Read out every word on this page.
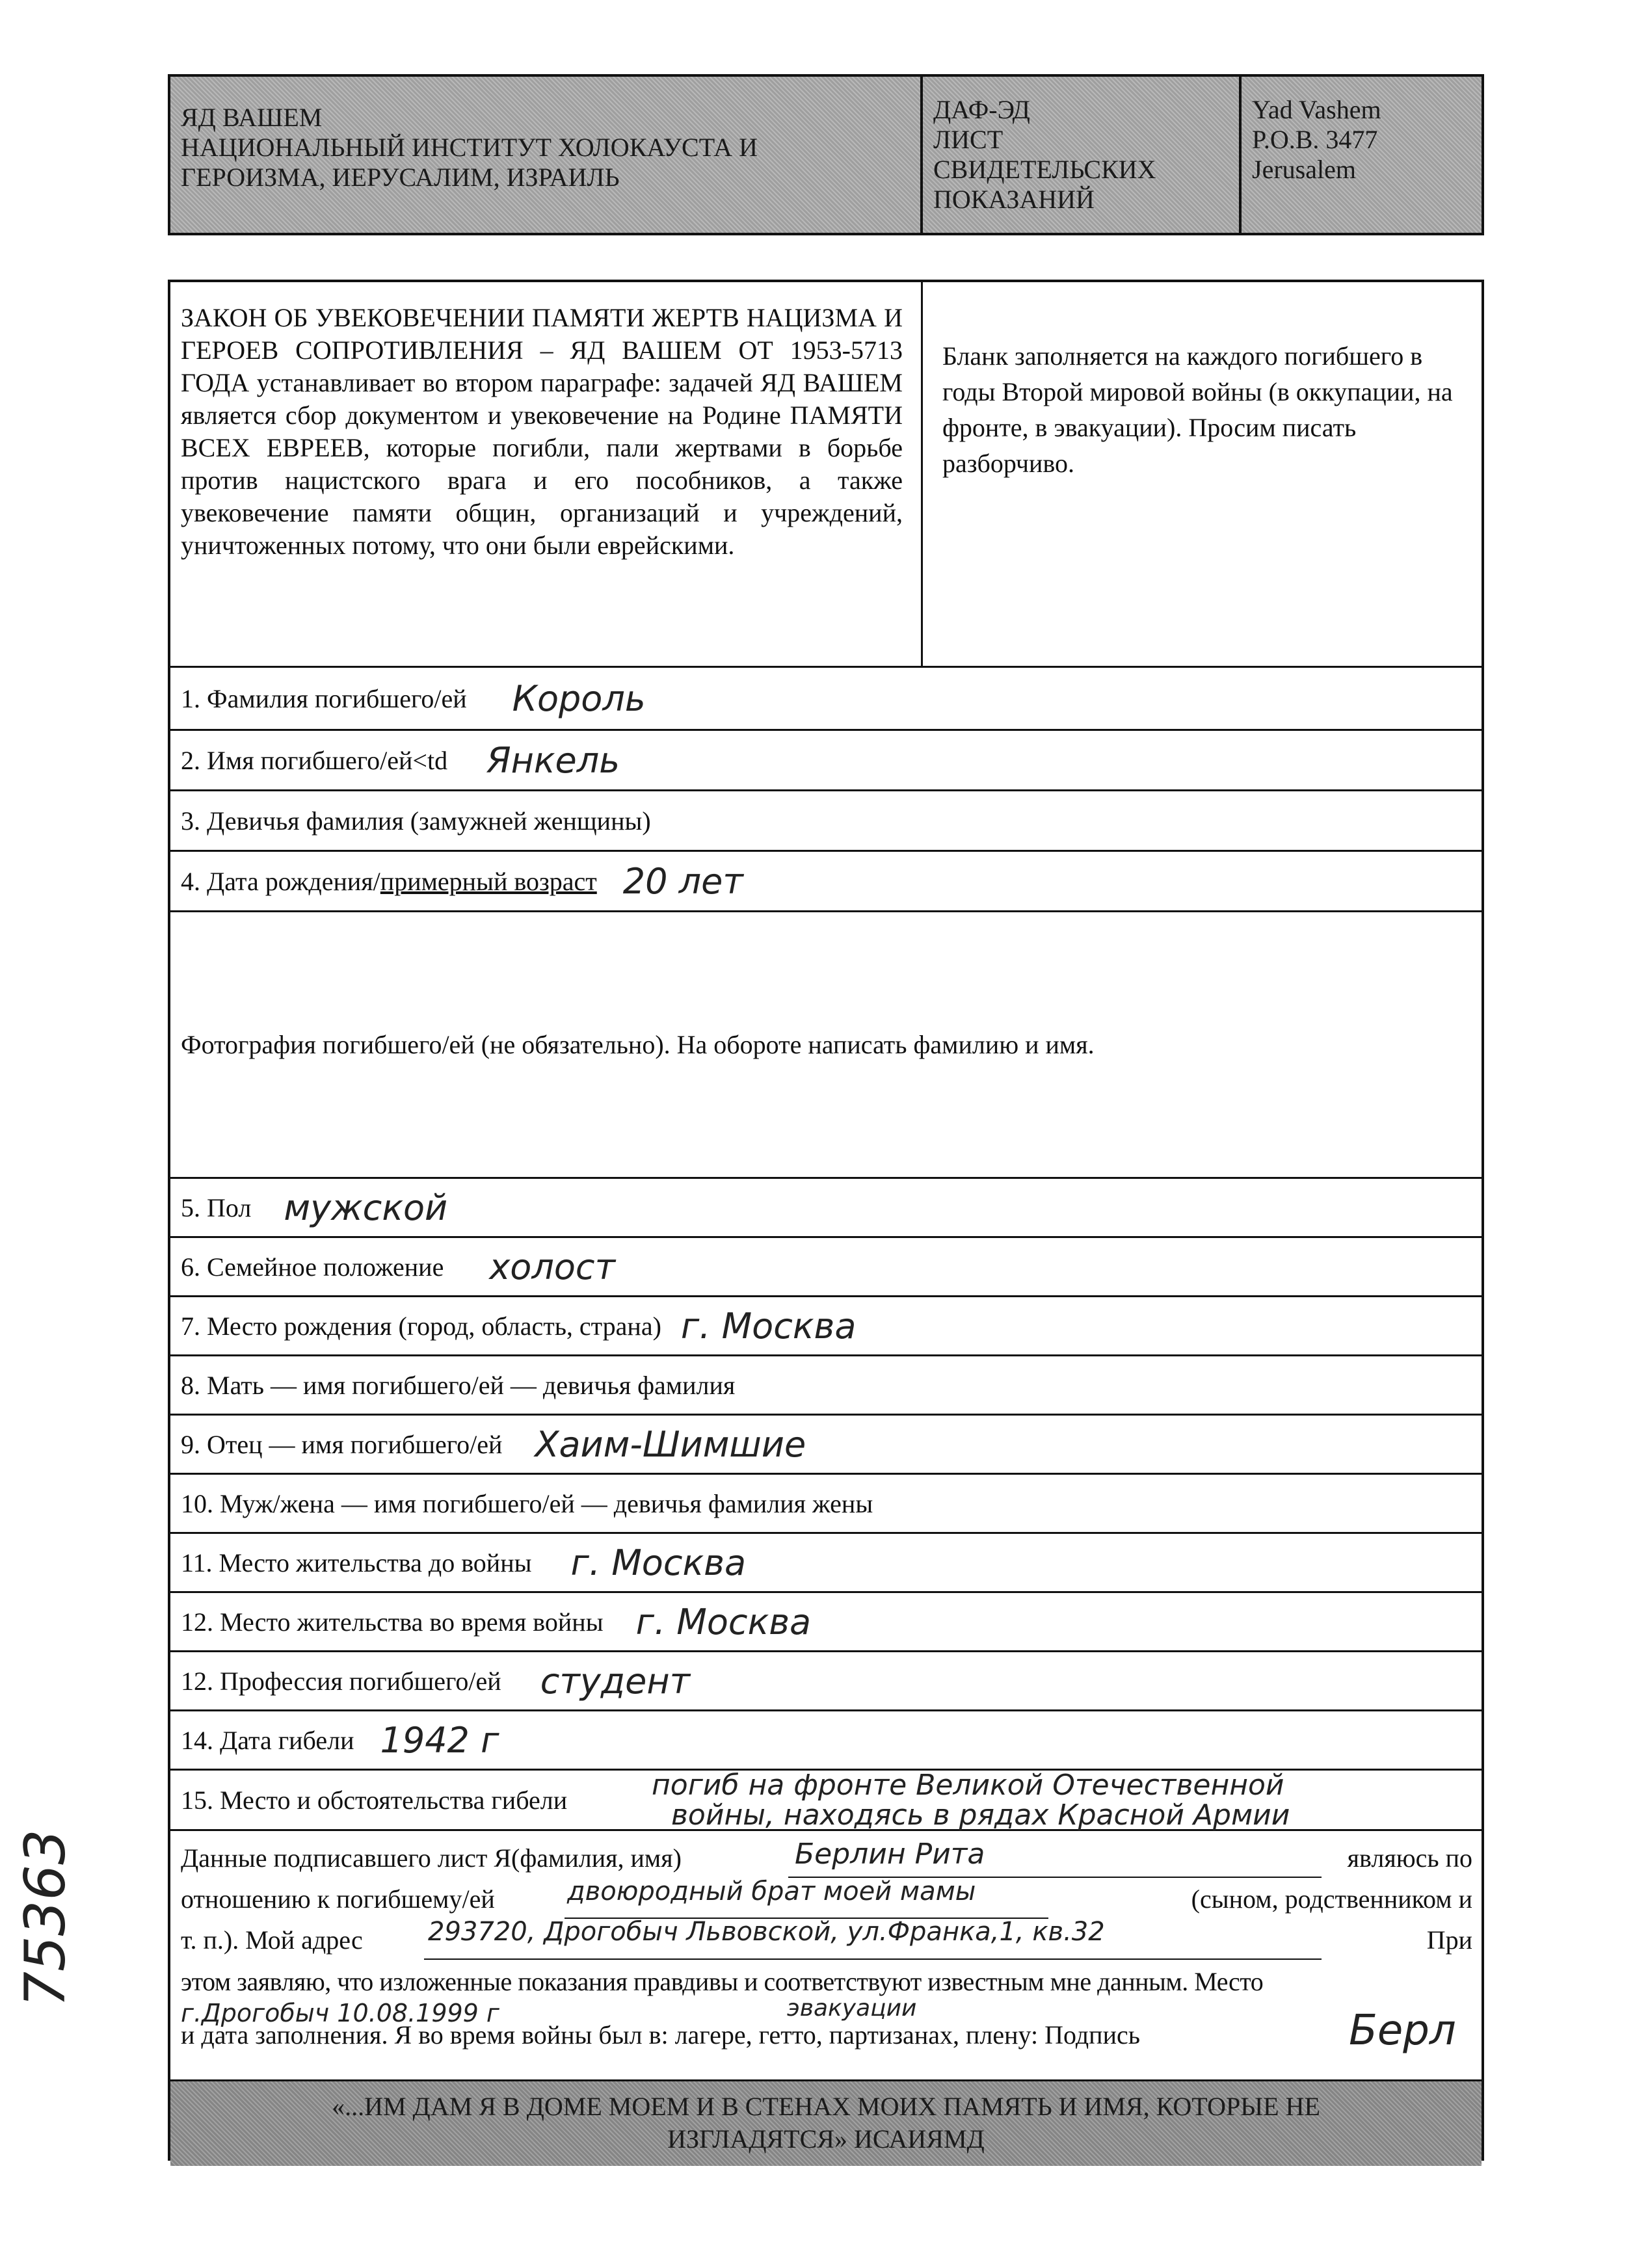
ЯД ВАШЕМ
НАЦИОНАЛЬНЫЙ ИНСТИТУТ ХОЛОКАУСТА И
ГЕРОИЗМА, ИЕРУСАЛИМ, ИЗРАИЛЬ
ДАФ-ЭД
ЛИСТ
СВИДЕТЕЛЬСКИХ
ПОКАЗАНИЙ
Yad Vashem
P.O.B. 3477
Jerusalem
ЗАКОН ОБ УВЕКОВЕЧЕНИИ ПАМЯТИ ЖЕРТВ НАЦИЗМА И ГЕРОЕВ СОПРОТИВЛЕНИЯ – ЯД ВАШЕМ ОТ 1953-5713 ГОДА устанавливает во втором параграфе: задачей ЯД ВАШЕМ является сбор документом и увековечение на Родине ПАМЯТИ ВСЕХ ЕВРЕЕВ, которые погибли, пали жертвами в борьбе против нацистского врага и его пособников, а также увековечение памяти общин, организаций и учреждений, уничтоженных потому, что они были еврейскими.
Бланк заполняется на каждого погибшего в годы Второй мировой войны (в оккупации, на фронте, в эвакуации). Просим писать разборчиво.
1. Фамилия погибшего/ей Король
2. Имя погибшего/ей<td Янкель
3. Девичья фамилия (замужней женщины)
4. Дата рождения/примерный возраст 20 лет
Фотография погибшего/ей (не обязательно). На обороте написать фамилию и имя.
5. Пол мужской
6. Семейное положение холост
7. Место рождения (город, область, страна) г. Москва
8. Мать — имя погибшего/ей — девичья фамилия
9. Отец — имя погибшего/ей Хаим-Шимшие
10. Муж/жена — имя погибшего/ей — девичья фамилия жены
11. Место жительства до войны г. Москва
12. Место жительства во время войны г. Москва
12. Профессия погибшего/ей студент
14. Дата гибели 1942 г
15. Место и обстоятельства гибели	погиб на фронте Великой Отечественной
войны, находясь в рядах Красной Армии
Данные подписавшего лист Я(фамилия, имя)	являюсь по
Берлин Рита
отношению к погибшему/ей	(сыном, родственником и
двоюродный брат моей мамы
т. п.). Мой адрес	При
293720, Дрогобыч Львовской, ул.Франка,1, кв.32
этом заявляю, что изложенные показания правдивы и соответствуют известным мне данным. Место
г.Дрогобыч 10.08.1999 г	эвакуации
и дата заполнения. Я во время войны был в: лагере, гетто, партизанах, плену: Подпись	Берл
«...ИМ ДАМ Я В ДОМЕ МОЕМ И В СТЕНАХ МОИХ ПАМЯТЬ И ИМЯ, КОТОРЫЕ НЕ
ИЗГЛАДЯТСЯ» ИСАИЯМД
75363
